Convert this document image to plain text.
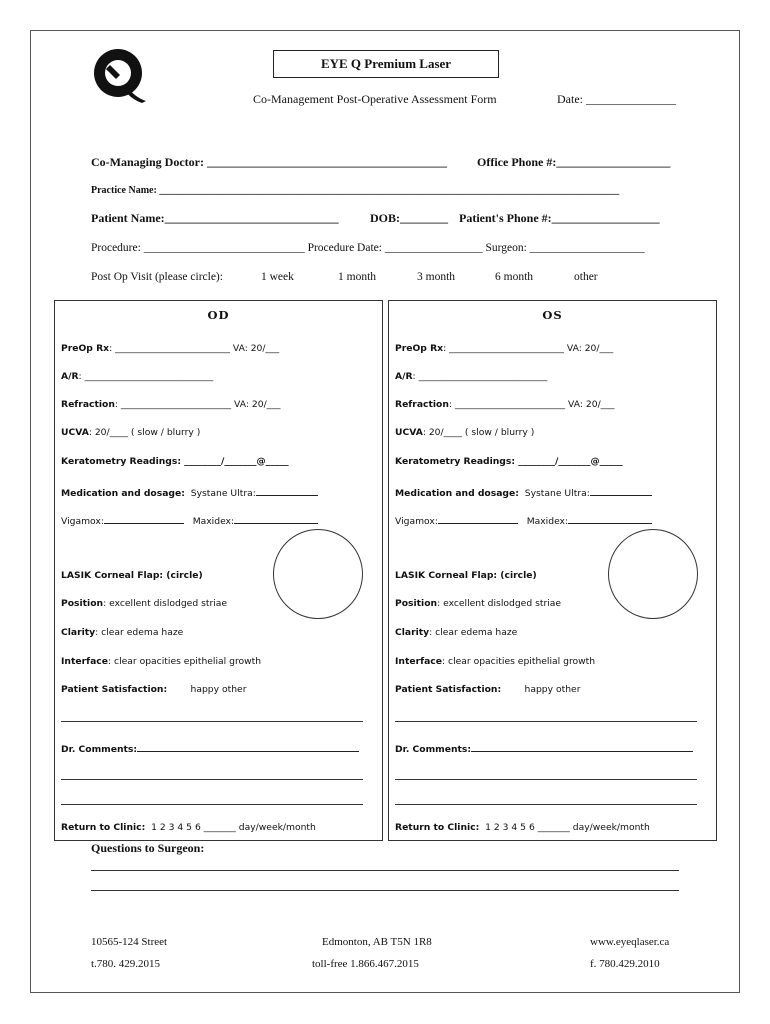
EYE Q Premium Laser
Co-Management Post-Operative Assessment Form	Date: _______________
Co-Managing Doctor: ________________________________________	Office Phone #:___________________
Practice Name: ____________________________________________________________________________________________
Patient Name:_____________________________	DOB:________ Patient's Phone #:__________________
Procedure: ____________________________ Procedure Date: _________________ Surgeon: ____________________
Post Op Visit (please circle):	1 week	1 month	3 month	6 month	other
OD
PreOp Rx: _________________________ VA: 20/___
A/R: ____________________________
Refraction: ________________________ VA: 20/___
UCVA: 20/____ ( slow / blurry )
Keratometry Readings: ________/_______@_____
Medication and dosage: Systane Ultra:
Vigamox:	Maxidex:
LASIK Corneal Flap: (circle)
Position: excellent dislodged striae
Clarity: clear edema haze
Interface: clear opacities epithelial growth
Patient Satisfaction:	happy other
Dr. Comments:
Return to Clinic: 1 2 3 4 5 6 _______ day/week/month
OS
PreOp Rx: _________________________ VA: 20/___
A/R: ____________________________
Refraction: ________________________ VA: 20/___
UCVA: 20/____ ( slow / blurry )
Keratometry Readings: ________/_______@_____
Medication and dosage: Systane Ultra:
Vigamox:	Maxidex:
LASIK Corneal Flap: (circle)
Position: excellent dislodged striae
Clarity: clear edema haze
Interface: clear opacities epithelial growth
Patient Satisfaction:	happy other
Dr. Comments:
Return to Clinic: 1 2 3 4 5 6 _______ day/week/month
Questions to Surgeon:
10565-124 Street	Edmonton, AB T5N 1R8	www.eyeqlaser.ca
t.780. 429.2015	toll-free 1.866.467.2015	f. 780.429.2010
